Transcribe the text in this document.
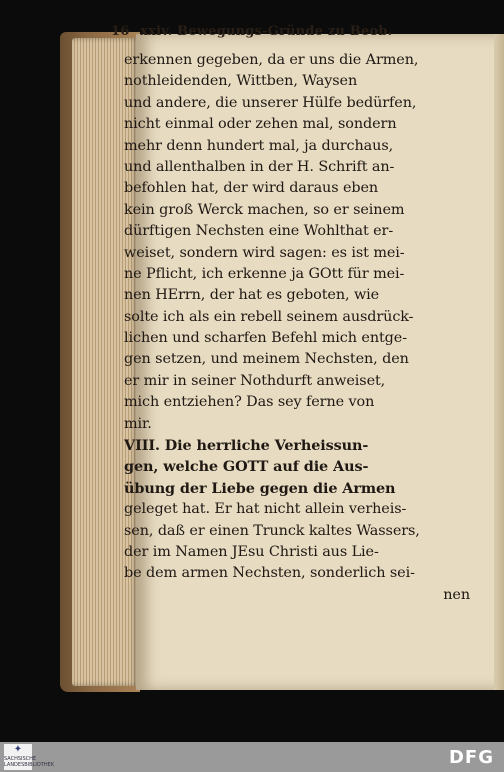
16 xxiv. Bewegungs-Gründe zu Beob.
erkennen gegeben, da er uns die Armen,
nothleidenden, Wittben, Waysen
und andere, die unserer Hülfe bedürfen,
nicht einmal oder zehen mal, sondern
mehr denn hundert mal, ja durchaus,
und allenthalben in der H. Schrift an-
befohlen hat, der wird daraus eben
kein groß Werck machen, so er seinem
dürftigen Nechsten eine Wohlthat er-
weiset, sondern wird sagen: es ist mei-
ne Pflicht, ich erkenne ja GOtt für mei-
nen HErrn, der hat es geboten, wie
solte ich als ein rebell seinem ausdrück-
lichen und scharfen Befehl mich entge-
gen setzen, und meinem Nechsten, den
er mir in seiner Nothdurft anweiset,
mich entziehen? Das sey ferne von
mir.
VIII. Die herrliche Verheissun-
gen, welche GOTT auf die Aus-
übung der Liebe gegen die Armen
geleget hat. Er hat nicht allein verheis-
sen, daß er einen Trunck kaltes Wassers,
der im Namen JEsu Christi aus Lie-
be dem armen Nechsten, sonderlich sei-
nen
✦
SACHSISCHE LANDESBIBLIOTHEK	DFG
